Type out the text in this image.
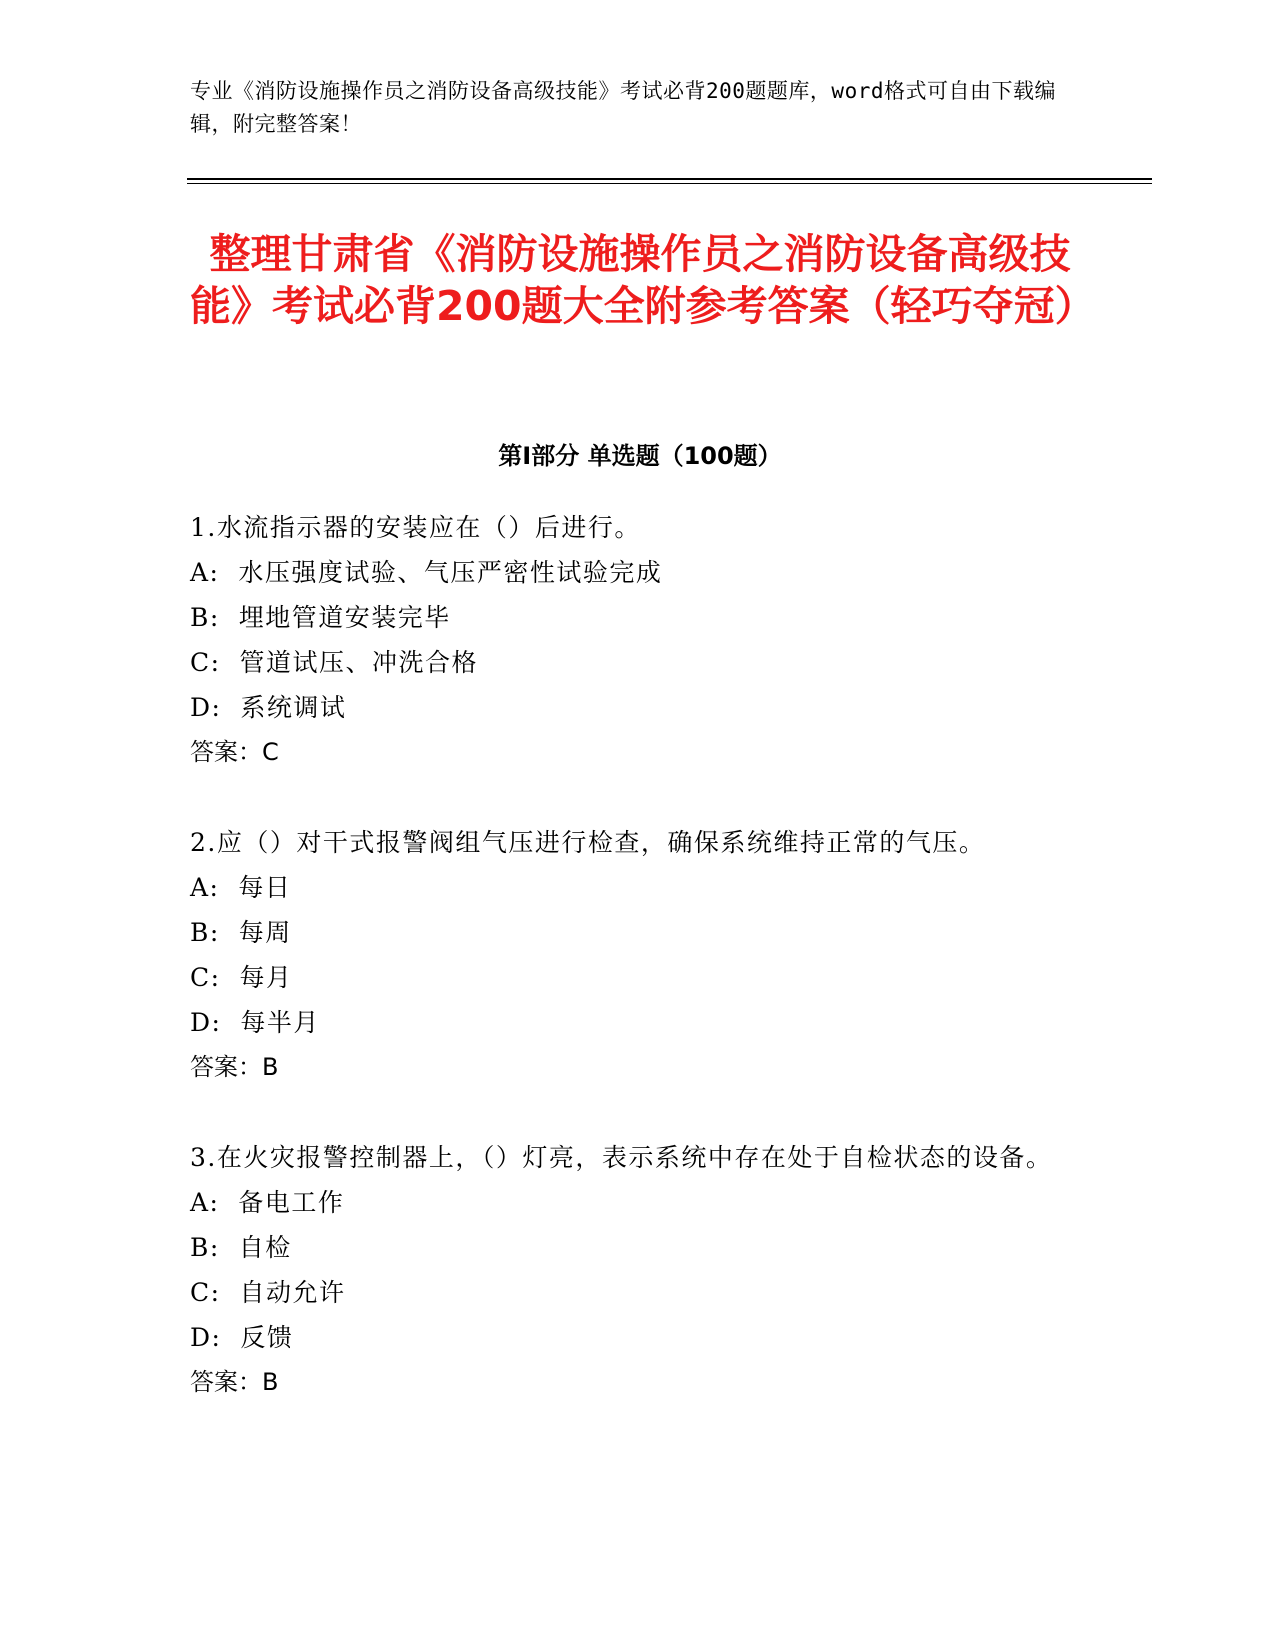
专业《消防设施操作员之消防设备高级技能》考试必背200题题库，word格式可自由下载编辑，附完整答案！
整理甘肃省《消防设施操作员之消防设备高级技能》考试必背200题大全附参考答案（轻巧夺冠）
第I部分 单选题（100题）

1.水流指示器的安装应在（）后进行。

A:  水压强度试验、气压严密性试验完成

B:  埋地管道安装完毕

C:  管道试压、冲洗合格

D:  系统调试

答案：C

2.应（）对干式报警阀组气压进行检查，确保系统维持正常的气压。

A:  每日

B:  每周

C:  每月

D:  每半月

答案：B

3.在火灾报警控制器上，（）灯亮，表示系统中存在处于自检状态的设备。

A:  备电工作

B:  自检

C:  自动允许

D:  反馈

答案：B
